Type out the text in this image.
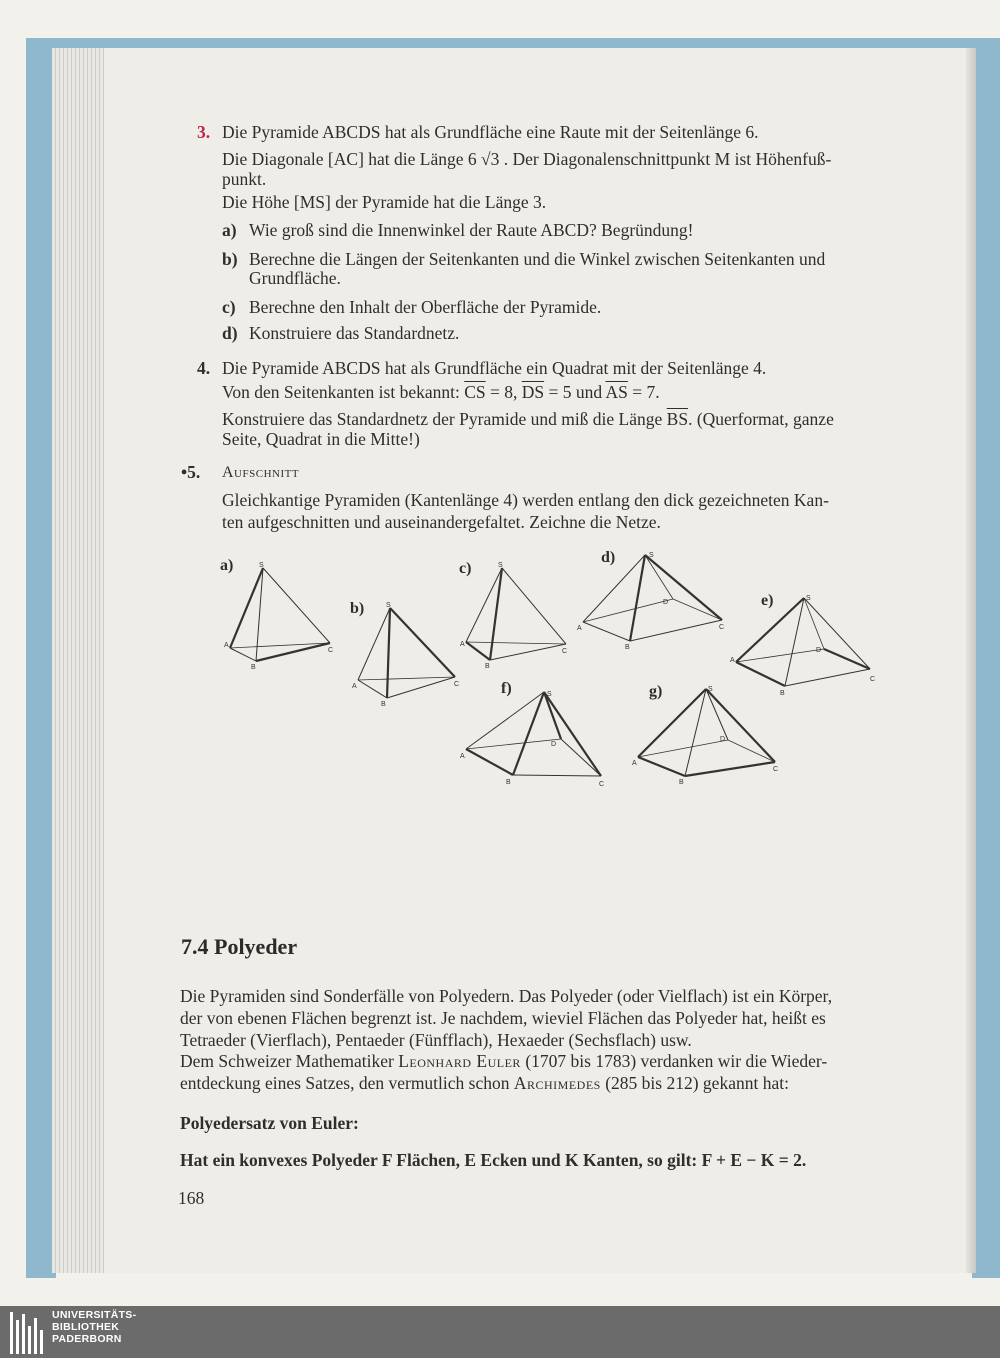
3. Die Pyramide ABCDS hat als Grundfläche eine Raute mit der Seitenlänge 6.
Die Diagonale [AC] hat die Länge 6 √3 . Der Diagonalenschnittpunkt M ist Höhenfuß-
punkt.
Die Höhe [MS] der Pyramide hat die Länge 3.
a) Wie groß sind die Innenwinkel der Raute ABCD? Begründung!
b) Berechne die Längen der Seitenkanten und die Winkel zwischen Seitenkanten und
Grundfläche.
c) Berechne den Inhalt der Oberfläche der Pyramide.
d) Konstruiere das Standardnetz.
4. Die Pyramide ABCDS hat als Grundfläche ein Quadrat mit der Seitenlänge 4.
Von den Seitenkanten ist bekannt: $\overline{CS} = 8$, $\overline{DS} = 5$ und $\overline{AS} = 7$.
Konstruiere das Standardnetz der Pyramide und miß die Länge $\overline{BS}$. (Querformat, ganze
Seite, Quadrat in die Mitte!)
•5. Aufschnitt
Gleichkantige Pyramiden (Kantenlänge 4) werden entlang den dick gezeichneten Kan-
ten aufgeschnitten und auseinandergefaltet. Zeichne die Netze.
a)
b)
c)
d)
e)
f)	g)
S
A
B
C
S
A
B
C
S
A
B
C
S
A
B
C
D
S
A
B
C
D
S
A
B	C
D
S
A
B
C
D
7.4 Polyeder
Die Pyramiden sind Sonderfälle von Polyedern. Das Polyeder (oder Vielflach) ist ein Körper,
der von ebenen Flächen begrenzt ist. Je nachdem, wieviel Flächen das Polyeder hat, heißt es
Tetraeder (Vierflach), Pentaeder (Fünfflach), Hexaeder (Sechsflach) usw.
Dem Schweizer Mathematiker Leonhard Euler (1707 bis 1783) verdanken wir die Wieder-
entdeckung eines Satzes, den vermutlich schon Archimedes (285 bis 212) gekannt hat:
Polyedersatz von Euler:
Hat ein konvexes Polyeder F Flächen, E Ecken und K Kanten, so gilt: F + E − K = 2.
168
UNIVERSITÄTS-
BIBLIOTHEK
PADERBORN
